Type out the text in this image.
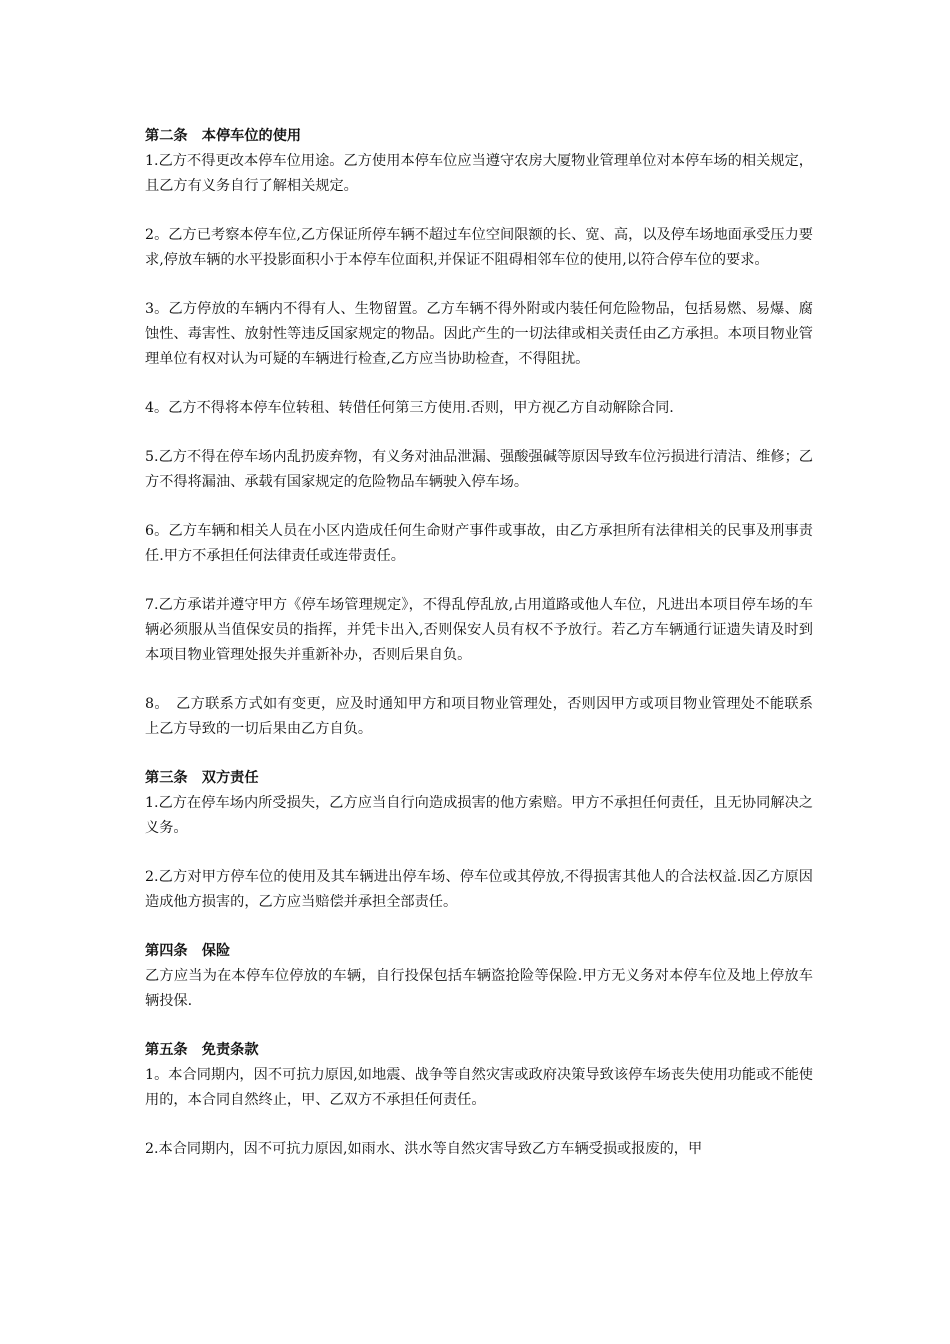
第二条　本停车位的使用

1.乙方不得更改本停车位用途。乙方使用本停车位应当遵守农房大厦物业管理单位对本停车场的相关规定，且乙方有义务自行了解相关规定。

2。乙方已考察本停车位,乙方保证所停车辆不超过车位空间限额的长、宽、高，以及停车场地面承受压力要求,停放车辆的水平投影面积小于本停车位面积,并保证不阻碍相邻车位的使用,以符合停车位的要求。

3。乙方停放的车辆内不得有人、生物留置。乙方车辆不得外附或内装任何危险物品，包括易燃、易爆、腐蚀性、毒害性、放射性等违反国家规定的物品。因此产生的一切法律或相关责任由乙方承担。本项目物业管理单位有权对认为可疑的车辆进行检查,乙方应当协助检查，不得阻扰。

4。乙方不得将本停车位转租、转借任何第三方使用.否则，甲方视乙方自动解除合同.

5.乙方不得在停车场内乱扔废弃物，有义务对油品泄漏、强酸强碱等原因导致车位污损进行清洁、维修；乙方不得将漏油、承载有国家规定的危险物品车辆驶入停车场。

6。乙方车辆和相关人员在小区内造成任何生命财产事件或事故，由乙方承担所有法律相关的民事及刑事责任.甲方不承担任何法律责任或连带责任。

7.乙方承诺并遵守甲方《停车场管理规定》，不得乱停乱放,占用道路或他人车位，凡进出本项目停车场的车辆必须服从当值保安员的指挥，并凭卡出入,否则保安人员有权不予放行。若乙方车辆通行证遗失请及时到本项目物业管理处报失并重新补办，否则后果自负。

8。　乙方联系方式如有变更，应及时通知甲方和项目物业管理处，否则因甲方或项目物业管理处不能联系上乙方导致的一切后果由乙方自负。

第三条　双方责任

1.乙方在停车场内所受损失，乙方应当自行向造成损害的他方索赔。甲方不承担任何责任，且无协同解决之义务。

2.乙方对甲方停车位的使用及其车辆进出停车场、停车位或其停放,不得损害其他人的合法权益.因乙方原因造成他方损害的，乙方应当赔偿并承担全部责任。

第四条　保险

乙方应当为在本停车位停放的车辆，自行投保包括车辆盗抢险等保险.甲方无义务对本停车位及地上停放车辆投保.

第五条　免责条款

1。本合同期内，因不可抗力原因,如地震、战争等自然灾害或政府决策导致该停车场丧失使用功能或不能使用的，本合同自然终止，甲、乙双方不承担任何责任。

2.本合同期内，因不可抗力原因,如雨水、洪水等自然灾害导致乙方车辆受损或报废的，甲
